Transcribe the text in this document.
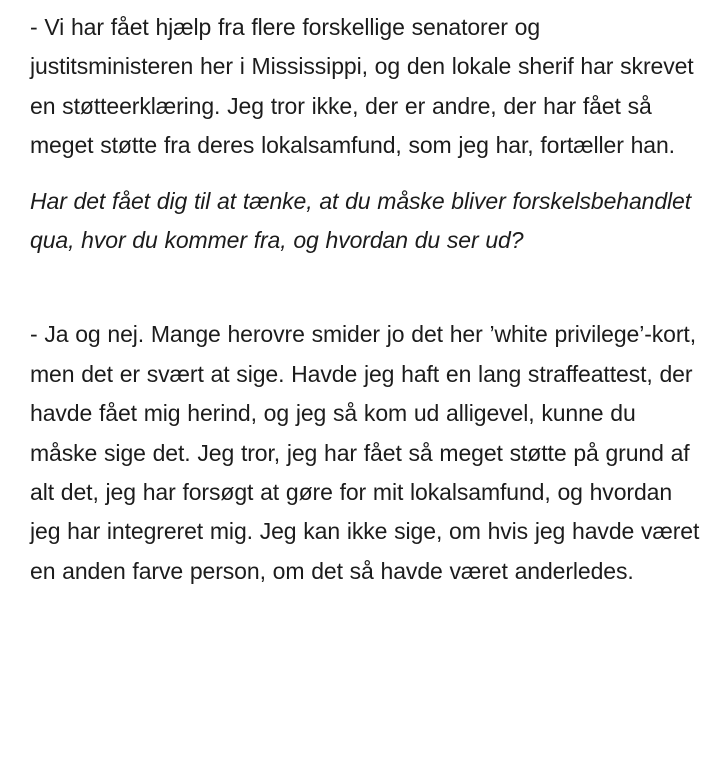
- Vi har fået hjælp fra flere forskellige senatorer og justitsministeren her i Mississippi, og den lokale sherif har skrevet en støtteerklæring. Jeg tror ikke, der er andre, der har fået så meget støtte fra deres lokalsamfund, som jeg har, fortæller han.

Har det fået dig til at tænke, at du måske bliver forskelsbehandlet qua, hvor du kommer fra, og hvordan du ser ud?

- Ja og nej. Mange herovre smider jo det her ’white privilege’-kort, men det er svært at sige. Havde jeg haft en lang straffeattest, der havde fået mig herind, og jeg så kom ud alligevel, kunne du måske sige det. Jeg tror, jeg har fået så meget støtte på grund af alt det, jeg har forsøgt at gøre for mit lokalsamfund, og hvordan jeg har integreret mig. Jeg kan ikke sige, om hvis jeg havde været en anden farve person, om det så havde været anderledes.
